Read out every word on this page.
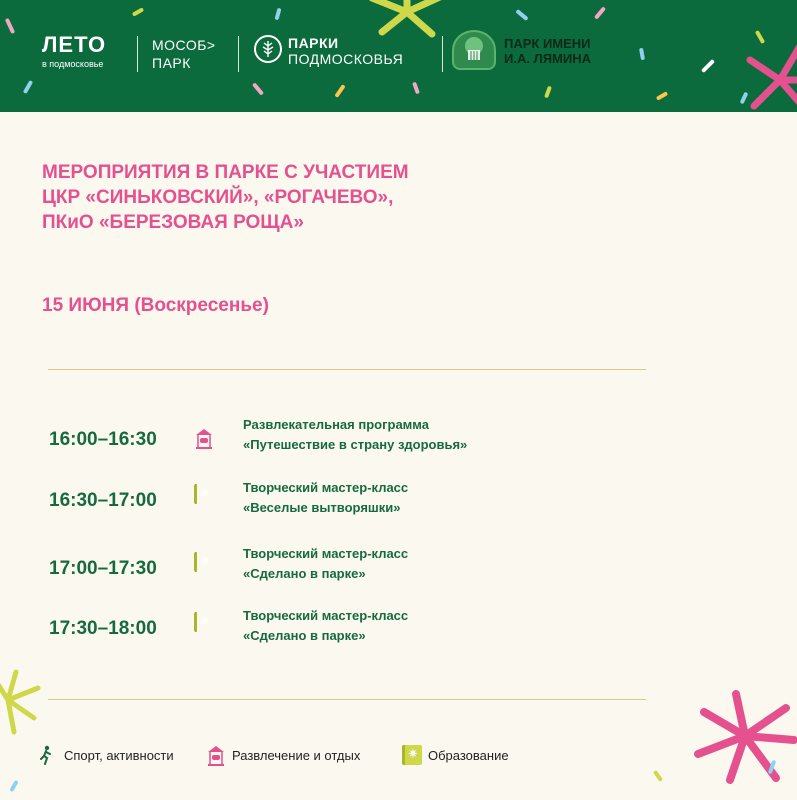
ЛЕТО
в подмосковье
МОСОБ>
ПАРК
ПАРКИ
ПОДМОСКОВЬЯ
ПАРК ИМЕНИ
И.А. ЛЯМИНА
МЕРОПРИЯТИЯ В ПАРКЕ С УЧАСТИЕМ
ЦКР «СИНЬКОВСКИЙ», «РОГАЧЕВО»,
ПКиО «БЕРЕЗОВАЯ РОЩА»
15 ИЮНЯ (Воскресенье)
16:00–16:30
Развлекательная программа
«Путешествие в страну здоровья»
16:30–17:00	✷	Творческий мастер-класс
«Веселые вытворяшки»
17:00–17:30	✷	Творческий мастер-класс
«Сделано в парке»
17:30–18:00	✷	Творческий мастер-класс
«Сделано в парке»
Спорт, активности	Развлечение и отдых	✷ Образование
